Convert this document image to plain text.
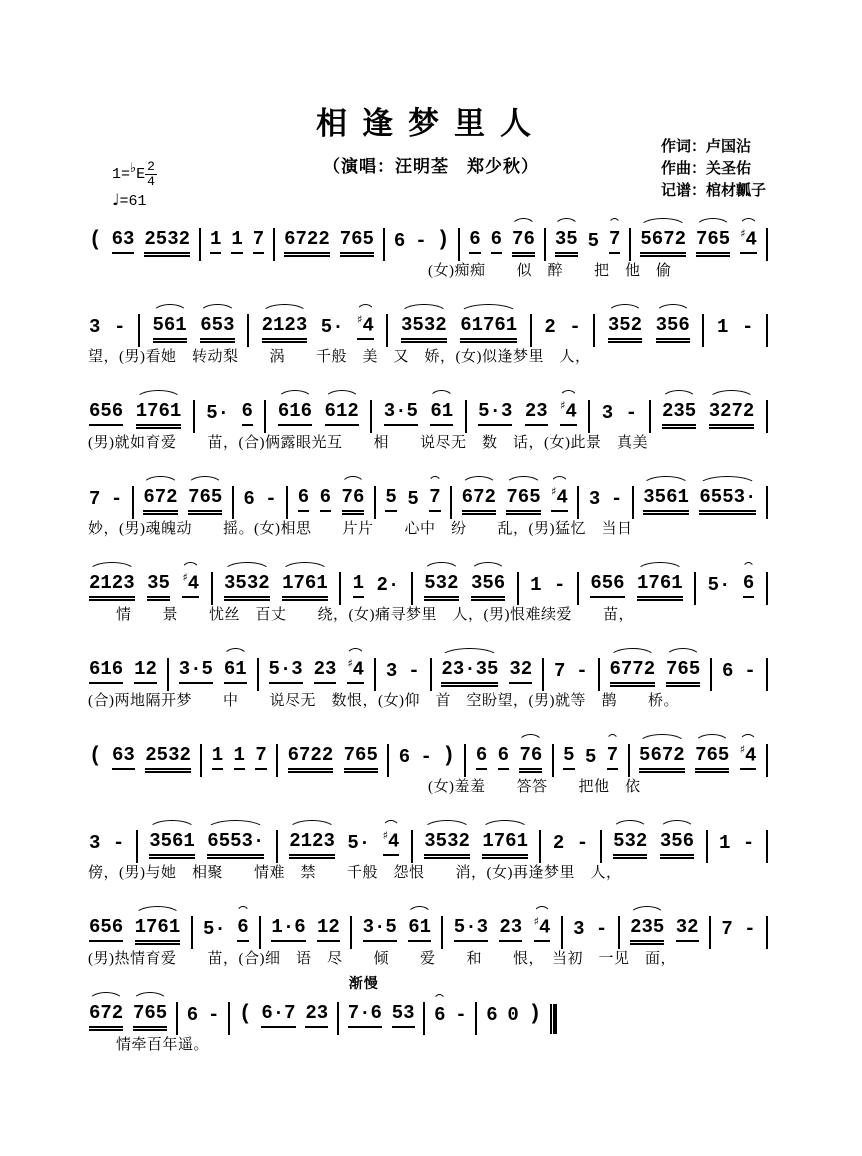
相逢梦里人
（演唱：汪明荃　郑少秋）
作词：卢国沾
作曲：关圣佑
记谱：棺材瓤子
1=♭E $\frac{2}{4}$
♩=61
( 63 2532 1 1 7 6722 765 6 - ) 6 6 76 35 5 7 5672 765 ♯4
(女)痴痴　　似　醉　　把　他　偷
3 - 561 653 2123 5· ♯4 3532 61761 2 - 352 356 1 -
望，(男)看她　转动梨　　涡　　千般　美　又　娇，(女)似逢梦里　人，
656 1761 5· 6 616 612 3·5 61 5·3 23 ♯4 3 - 235 3272
(男)就如育爱　　苗，(合)俩露眼光互　　相　　说尽无　数　话，(女)此景　真美
7 - 672 765 6 - 6 6 76 5 5 7 672 765 ♯4 3 - 3561 6553·
妙，(男)魂魄动　　摇。(女)相思　　片片　　心中　纷　　乱，(男)猛忆　当日
2123 35 ♯4 3532 1761 1 2· 532 356 1 - 656 1761 5· 6
情　　景　　忧丝　百丈　　绕，(女)痛寻梦里　人，(男)恨难续爱　　苗，
616 12 3·5 61 5·3 23 ♯4 3 - 23·35 32 7 - 6772 765 6 -
(合)两地隔开梦　　中　　说尽无　数恨，(女)仰　首　空盼望，(男)就等　鹊　　桥。
( 63 2532 1 1 7 6722 765 6 - ) 6 6 76 5 5 7 5672 765 ♯4
(女)羞羞　　答答　　把他　依
3 - 3561 6553· 2123 5· ♯4 3532 1761 2 - 532 356 1 -
傍，(男)与她　相聚　　情难　禁　　千般　怨恨　　消，(女)再逢梦里　人，
656 1761 5· 6 1·6 12 3·5 61 5·3 23 ♯4 3 - 235 32 7 -
(男)热情育爱　　苗，(合)细　语　尽　　倾　　爱　　和　　恨，　当初　一见　面，
672 765 6 - ( 6·7 23
渐慢
7·6 53 6 - 6 0 )
情牵百年遥。
